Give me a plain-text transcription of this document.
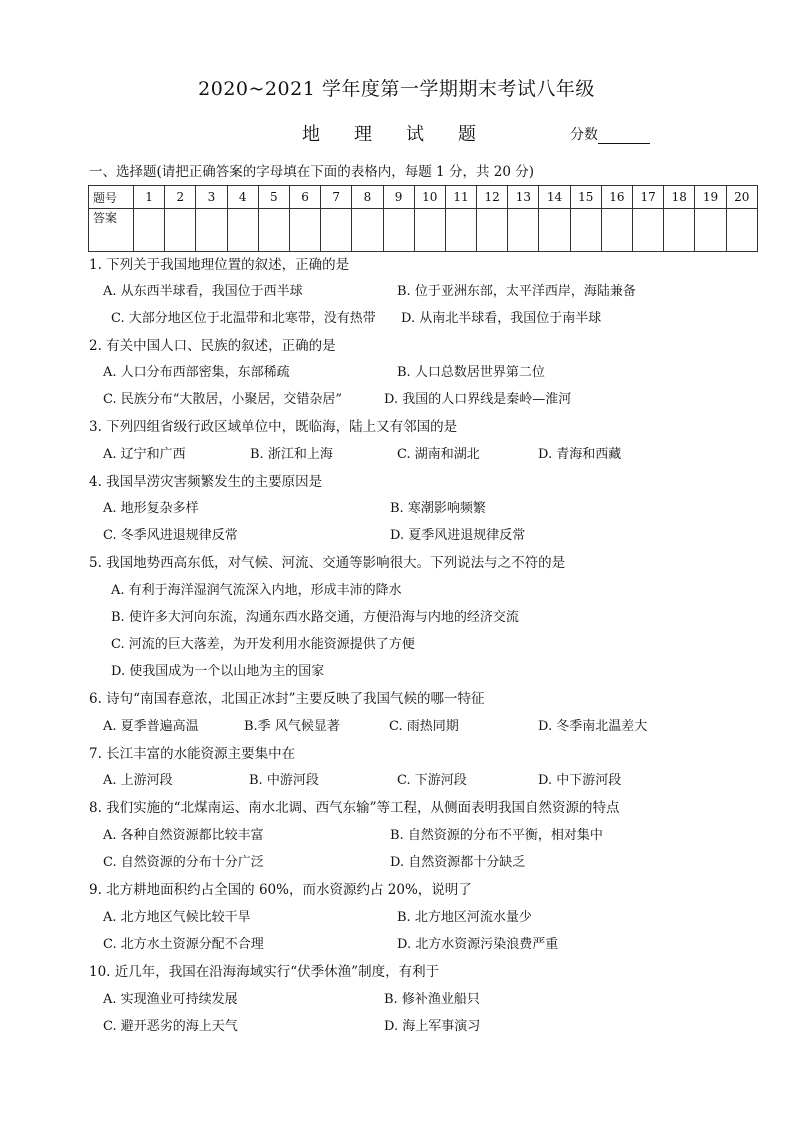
2020~2021 学年度第一学期期末考试八年级
地 理 试 题	分数
一、选择题(请把正确答案的字母填在下面的表格内，每题 1 分，共 20 分)
题号	1	2	3	4	5	6	7	8	9	10	11	12	13	14	15	16	17	18	19	20
答案																				
1. 下列关于我国地理位置的叙述，正确的是
A. 从东西半球看，我国位于西半球	B. 位于亚洲东部，太平洋西岸，海陆兼备
C. 大部分地区位于北温带和北寒带，没有热带 D. 从南北半球看，我国位于南半球
2. 有关中国人口、民族的叙述，正确的是
A. 人口分布西部密集，东部稀疏	B. 人口总数居世界第二位
C. 民族分布“大散居，小聚居，交错杂居”	D. 我国的人口界线是秦岭—淮河
3. 下列四组省级行政区域单位中，既临海，陆上又有邻国的是
A. 辽宁和广西	B. 浙江和上海	C. 湖南和湖北	D. 青海和西藏
4. 我国旱涝灾害频繁发生的主要原因是
A. 地形复杂多样	B. 寒潮影响频繁
C. 冬季风进退规律反常	D. 夏季风进退规律反常
5. 我国地势西高东低，对气候、河流、交通等影响很大。下列说法与之不符的是
A. 有利于海洋湿润气流深入内地，形成丰沛的降水
B. 使许多大河向东流，沟通东西水路交通，方便沿海与内地的经济交流
C. 河流的巨大落差，为开发利用水能资源提供了方便
D. 使我国成为一个以山地为主的国家
6. 诗句“南国春意浓，北国正冰封”主要反映了我国气候的哪一特征
A. 夏季普遍高温	B.季 风气候显著	C. 雨热同期	D. 冬季南北温差大
7. 长江丰富的水能资源主要集中在
A. 上游河段	B. 中游河段	C. 下游河段	D. 中下游河段
8. 我们实施的“北煤南运、南水北调、西气东输”等工程，从侧面表明我国自然资源的特点
A. 各种自然资源都比较丰富	B. 自然资源的分布不平衡，相对集中
C. 自然资源的分布十分广泛	D. 自然资源都十分缺乏
9. 北方耕地面积约占全国的 60%，而水资源约占 20%，说明了
A. 北方地区气候比较干旱	B. 北方地区河流水量少
C. 北方水土资源分配不合理	D. 北方水资源污染浪费严重
10. 近几年，我国在沿海海域实行“伏季休渔”制度，有利于
A. 实现渔业可持续发展	B. 修补渔业船只
C. 避开恶劣的海上天气	D. 海上军事演习
